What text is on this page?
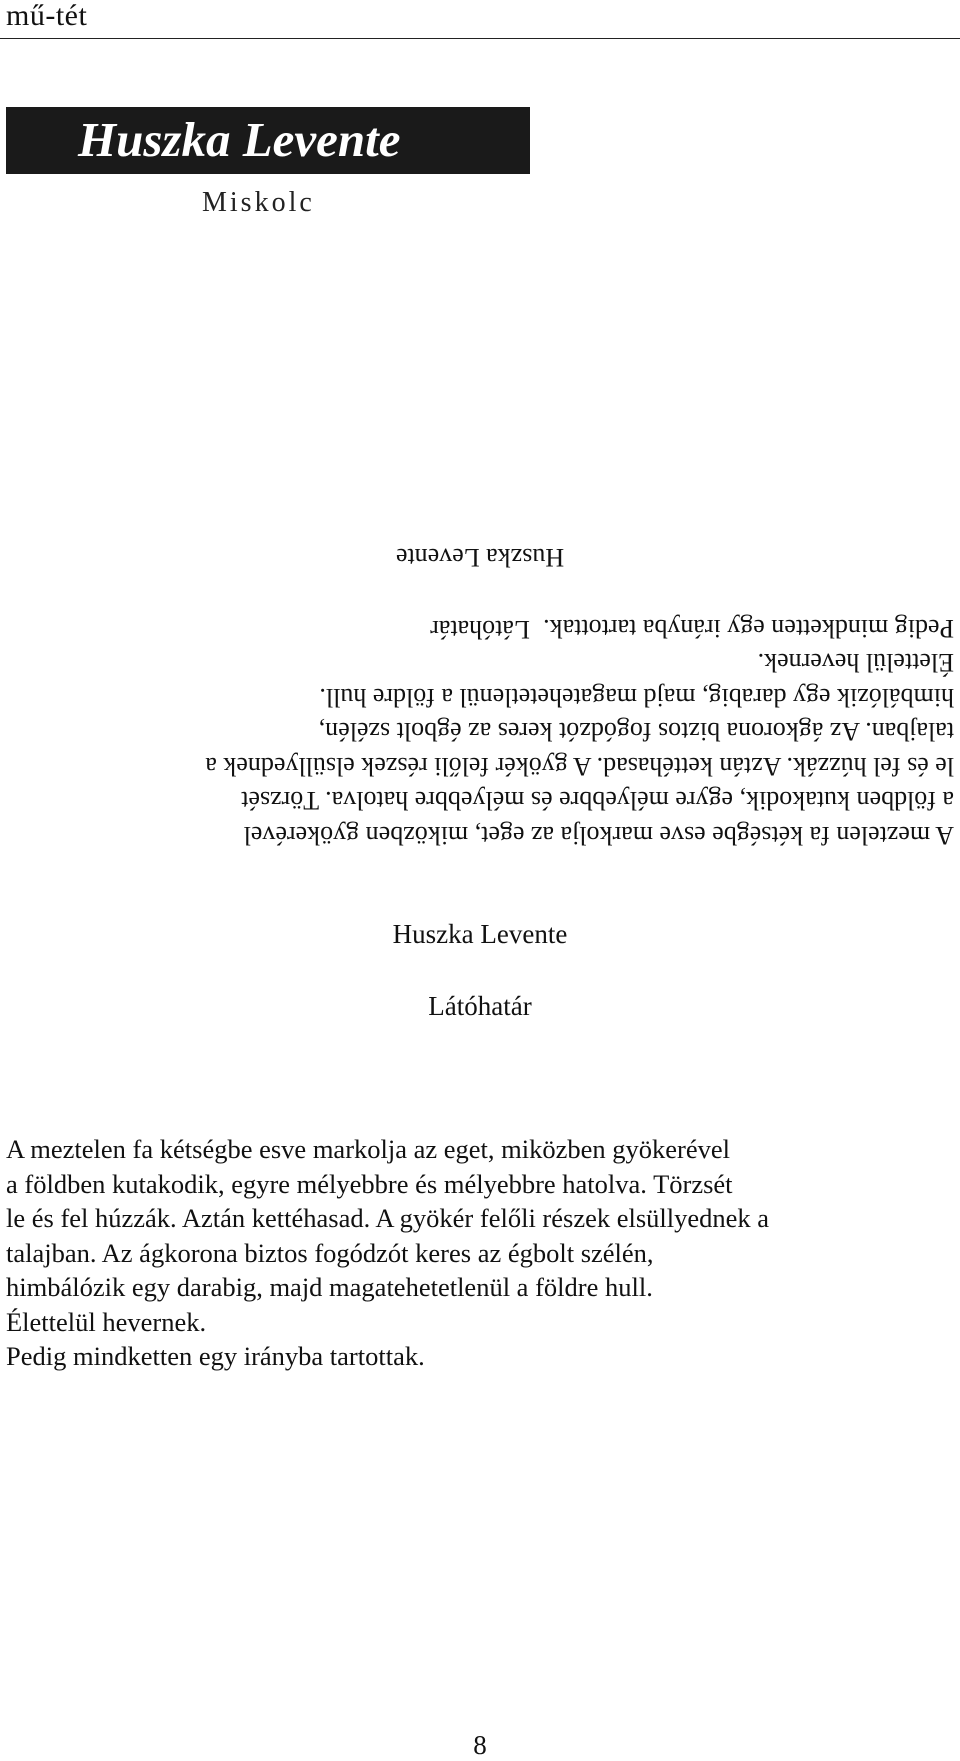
mű-tét
Huszka Levente
Miskolc
A meztelen fa kétségbe esve markolja az eget, miközben gyökerével
a földben kutakodik, egyre mélyebbre és mélyebbre hatolva. Törzsét
le és fel húzzák. Aztán kettéhasad. A gyökér felőli részek elsüllyednek a
talajban. Az ágkorona biztos fogódzót keres az égbolt szélén,
himbálózik egy darabig, majd magatehetetlenül a földre hull.
Élettelül hevernek.
Pedig mindketten egy irányba tartottak.
Látóhatár
Huszka Levente
Huszka Levente
Látóhatár
A meztelen fa kétségbe esve markolja az eget, miközben gyökerével
a földben kutakodik, egyre mélyebbre és mélyebbre hatolva. Törzsét
le és fel húzzák. Aztán kettéhasad. A gyökér felőli részek elsüllyednek a
talajban. Az ágkorona biztos fogódzót keres az égbolt szélén,
himbálózik egy darabig, majd magatehetetlenül a földre hull.
Élettelül hevernek.
Pedig mindketten egy irányba tartottak.
8
